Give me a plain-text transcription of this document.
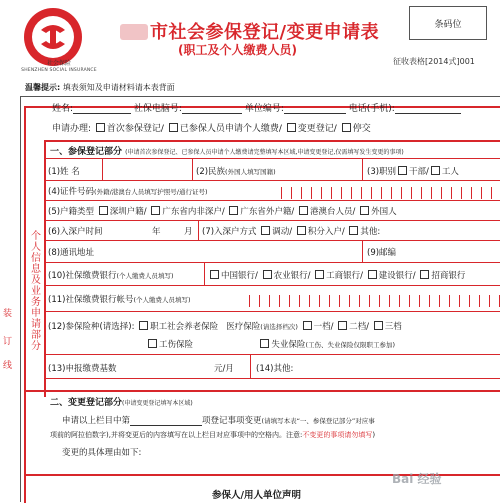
社会保险
SHENZHEN SOCIAL INSURANCE
市社会参保登记/变更申请表
(职工及个人缴费人员)
条码位
征收表格[2014式]001
温馨提示: 填表须知及申请材料请本表背面
装
订
线
姓名:	社保电脑号:	单位编号:	电话(手机):
申请办理: 首次参保登记/ 已参保人员申请个人缴费/ 变更登记/ 停交
一、参保登记部分 (申请首次参保登记、已参保人员申请个人缴费请完整填写本区域,申请变更登记,仅需填写发生变更的事项)
个人信息及业务申请部分
(1)姓 名	(2)民族(外国人填写国籍)	(3)职别 干部/ 工人
(4)证件号码(外籍/港澳台人员填写护照号/通行证号)
(5)户籍类型 深圳户籍/ 广东省内非深户/ 广东省外户籍/ 港澳台人员/ 外国人
(6)入深户时间	年	月 (7)入深户方式 调动/ 积分入户/ 其他:
(8)通讯地址	(9)邮编
(10)社保缴费银行(个人缴费人员填写)	中国银行/ 农业银行/ 工商银行/ 建设银行/ 招商银行
(11)社保缴费银行帐号(个人缴费人员填写)
(12)参保险种(请选择): 职工社会养老保险 医疗保险(请选择档次) 一档/ 二档/ 三档
工伤保险	失业保险(工伤、失业保险仅限职工参加)
(13)申报缴费基数	元/月	(14)其他:
二、变更登记部分(申请变更登记填写本区域)
申请以上栏目中第	项登记事项变更(请填写本表“一、参保登记部分”对应事
项前的阿拉伯数字),并将变更后的内容填写在以上栏目对应事项中的空格内。注意:不变更的事项请勿填写)
变更的具体理由如下:
参保人/用人单位声明
Bai 经验
